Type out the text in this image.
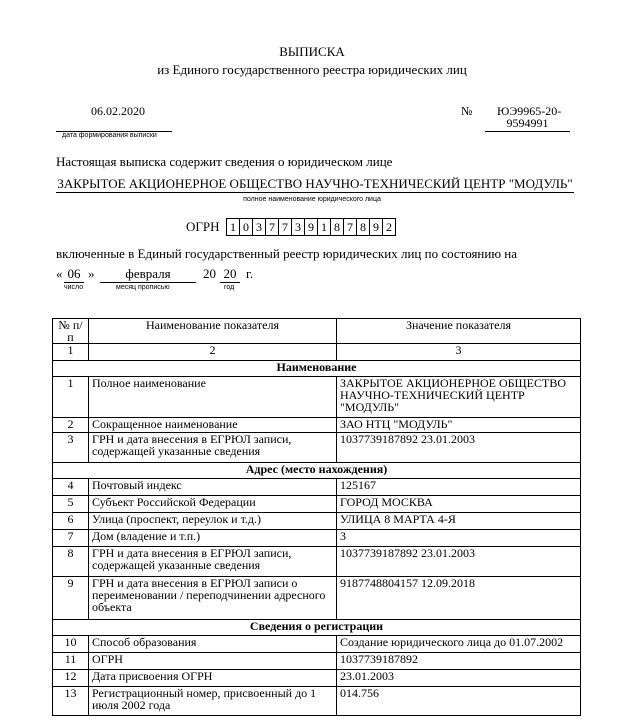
ВЫПИСКА
из Единого государственного реестра юридических лиц
06.02.2020
дата формирования выписки
№ ЮЭ9965-20-
9594991
Настоящая выписка содержит сведения о юридическом лице
ЗАКРЫТОЕ АКЦИОНЕРНОЕ ОБЩЕСТВО НАУЧНО-ТЕХНИЧЕСКИЙ ЦЕНТР "МОДУЛЬ"
полное наименование юридического лица
ОГРН 1 0 3 7 7 3 9 1 8 7 8 9 2
включенные в Единый государственный реестр юридических лиц по состоянию на
« 06 »	февраля	20 20 г.
число	месяц прописью	год
№ п/п	Наименование показателя	Значение показателя
1	2	3
Наименование		
1	Полное наименование	ЗАКРЫТОЕ АКЦИОНЕРНОЕ ОБЩЕСТВО НАУЧНО-ТЕХНИЧЕСКИЙ ЦЕНТР "МОДУЛЬ"
2	Сокращенное наименование	ЗАО НТЦ "МОДУЛЬ"
3	ГРН и дата внесения в ЕГРЮЛ записи, содержащей указанные сведения	1037739187892 23.01.2003
Адрес (место нахождения)		
4	Почтовый индекс	125167
5	Субъект Российской Федерации	ГОРОД МОСКВА
6	Улица (проспект, переулок и т.д.)	УЛИЦА 8 МАРТА 4-Я
7	Дом (владение и т.п.)	3
8	ГРН и дата внесения в ЕГРЮЛ записи, содержащей указанные сведения	1037739187892 23.01.2003
9	ГРН и дата внесения в ЕГРЮЛ записи о переименовании / переподчинении адресного объекта	9187748804157 12.09.2018
Сведения о регистрации		
10	Способ образования	Создание юридического лица до 01.07.2002
11	ОГРН	1037739187892
12	Дата присвоения ОГРН	23.01.2003
13	Регистрационный номер, присвоенный до 1 июля 2002 года	014.756
